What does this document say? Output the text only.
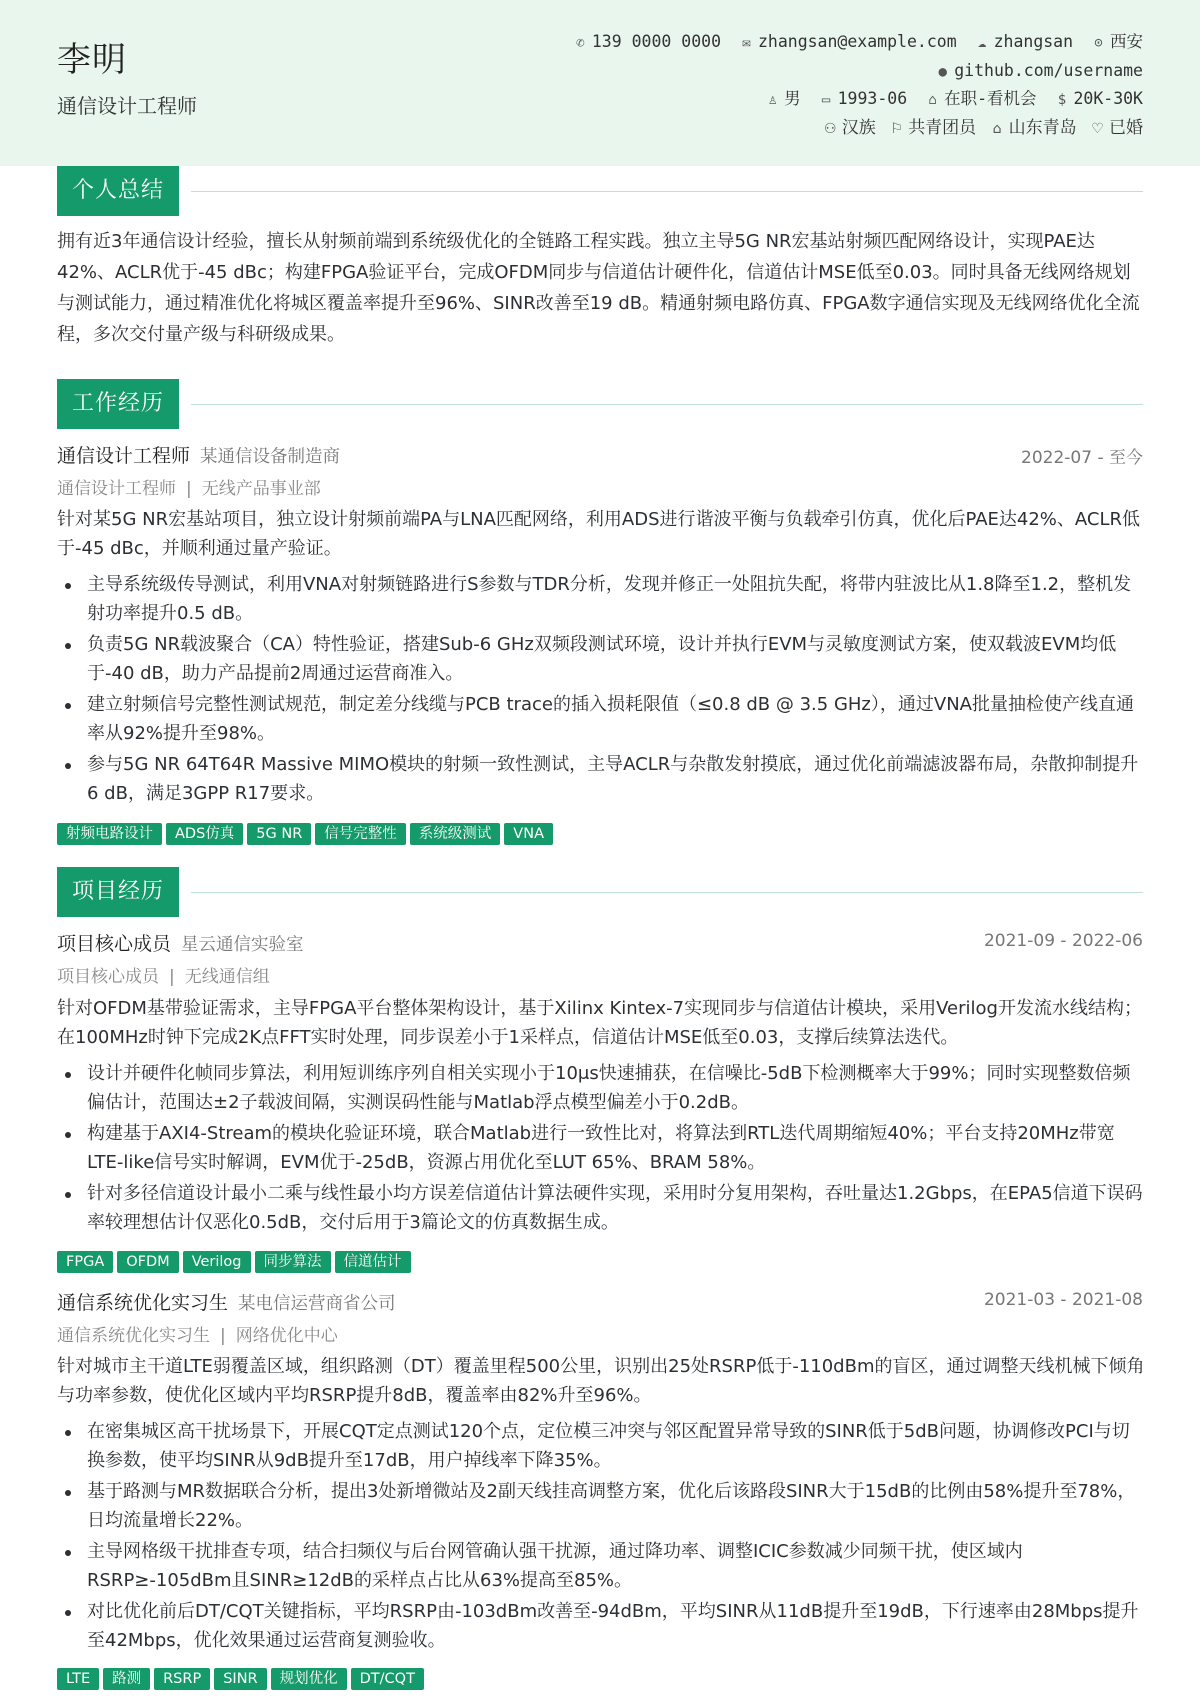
李明
通信设计工程师
✆ 139 0000 0000 ✉ zhangsan@example.com ☁ zhangsan ⊙ 西安
● github.com/username
♙ 男 ▭ 1993-06 ⌂ 在职-看机会 $ 20K-30K
⚇ 汉族 ⚐ 共青团员 ⌂ 山东青岛 ♡ 已婚
个人总结
拥有近3年通信设计经验，擅长从射频前端到系统级优化的全链路工程实践。独立主导5G NR宏基站射频匹配网络设计，实现PAE达42%、ACLR优于-45 dBc；构建FPGA验证平台，完成OFDM同步与信道估计硬件化，信道估计MSE低至0.03。同时具备无线网络规划与测试能力，通过精准优化将城区覆盖率提升至96%、SINR改善至19 dB。精通射频电路仿真、FPGA数字通信实现及无线网络优化全流程，多次交付量产级与科研级成果。
工作经历
通信设计工程师 某通信设备制造商	2022-07 - 至今
通信设计工程师 | 无线产品事业部
针对某5G NR宏基站项目，独立设计射频前端PA与LNA匹配网络，利用ADS进行谐波平衡与负载牵引仿真，优化后PAE达42%、ACLR低于-45 dBc，并顺利通过量产验证。
主导系统级传导测试，利用VNA对射频链路进行S参数与TDR分析，发现并修正一处阻抗失配，将带内驻波比从1.8降至1.2，整机发射功率提升0.5 dB。
负责5G NR载波聚合（CA）特性验证，搭建Sub-6 GHz双频段测试环境，设计并执行EVM与灵敏度测试方案，使双载波EVM均低于-40 dB，助力产品提前2周通过运营商准入。
建立射频信号完整性测试规范，制定差分线缆与PCB trace的插入损耗限值（≤0.8 dB @ 3.5 GHz），通过VNA批量抽检使产线直通率从92%提升至98%。
参与5G NR 64T64R Massive MIMO模块的射频一致性测试，主导ACLR与杂散发射摸底，通过优化前端滤波器布局，杂散抑制提升6 dB，满足3GPP R17要求。
射频电路设计 ADS仿真 5G NR 信号完整性 系统级测试 VNA
项目经历
项目核心成员 星云通信实验室	2021-09 - 2022-06
项目核心成员 | 无线通信组
针对OFDM基带验证需求，主导FPGA平台整体架构设计，基于Xilinx Kintex-7实现同步与信道估计模块，采用Verilog开发流水线结构；在100MHz时钟下完成2K点FFT实时处理，同步误差小于1采样点，信道估计MSE低至0.03，支撑后续算法迭代。
设计并硬件化帧同步算法，利用短训练序列自相关实现小于10μs快速捕获，在信噪比-5dB下检测概率大于99%；同时实现整数倍频偏估计，范围达±2子载波间隔，实测误码性能与Matlab浮点模型偏差小于0.2dB。
构建基于AXI4-Stream的模块化验证环境，联合Matlab进行一致性比对，将算法到RTL迭代周期缩短40%；平台支持20MHz带宽LTE-like信号实时解调，EVM优于-25dB，资源占用优化至LUT 65%、BRAM 58%。
针对多径信道设计最小二乘与线性最小均方误差信道估计算法硬件实现，采用时分复用架构，吞吐量达1.2Gbps，在EPA5信道下误码率较理想估计仅恶化0.5dB，交付后用于3篇论文的仿真数据生成。
FPGA OFDM Verilog 同步算法 信道估计
通信系统优化实习生 某电信运营商省公司	2021-03 - 2021-08
通信系统优化实习生 | 网络优化中心
针对城市主干道LTE弱覆盖区域，组织路测（DT）覆盖里程500公里，识别出25处RSRP低于-110dBm的盲区，通过调整天线机械下倾角与功率参数，使优化区域内平均RSRP提升8dB，覆盖率由82%升至96%。
在密集城区高干扰场景下，开展CQT定点测试120个点，定位模三冲突与邻区配置异常导致的SINR低于5dB问题，协调修改PCI与切换参数，使平均SINR从9dB提升至17dB，用户掉线率下降35%。
基于路测与MR数据联合分析，提出3处新增微站及2副天线挂高调整方案，优化后该路段SINR大于15dB的比例由58%提升至78%，日均流量增长22%。
主导网格级干扰排查专项，结合扫频仪与后台网管确认强干扰源，通过降功率、调整ICIC参数减少同频干扰，使区域内RSRP≥-105dBm且SINR≥12dB的采样点占比从63%提高至85%。
对比优化前后DT/CQT关键指标，平均RSRP由-103dBm改善至-94dBm，平均SINR从11dB提升至19dB，下行速率由28Mbps提升至42Mbps，优化效果通过运营商复测验收。
LTE 路测 RSRP SINR 规划优化 DT/CQT
